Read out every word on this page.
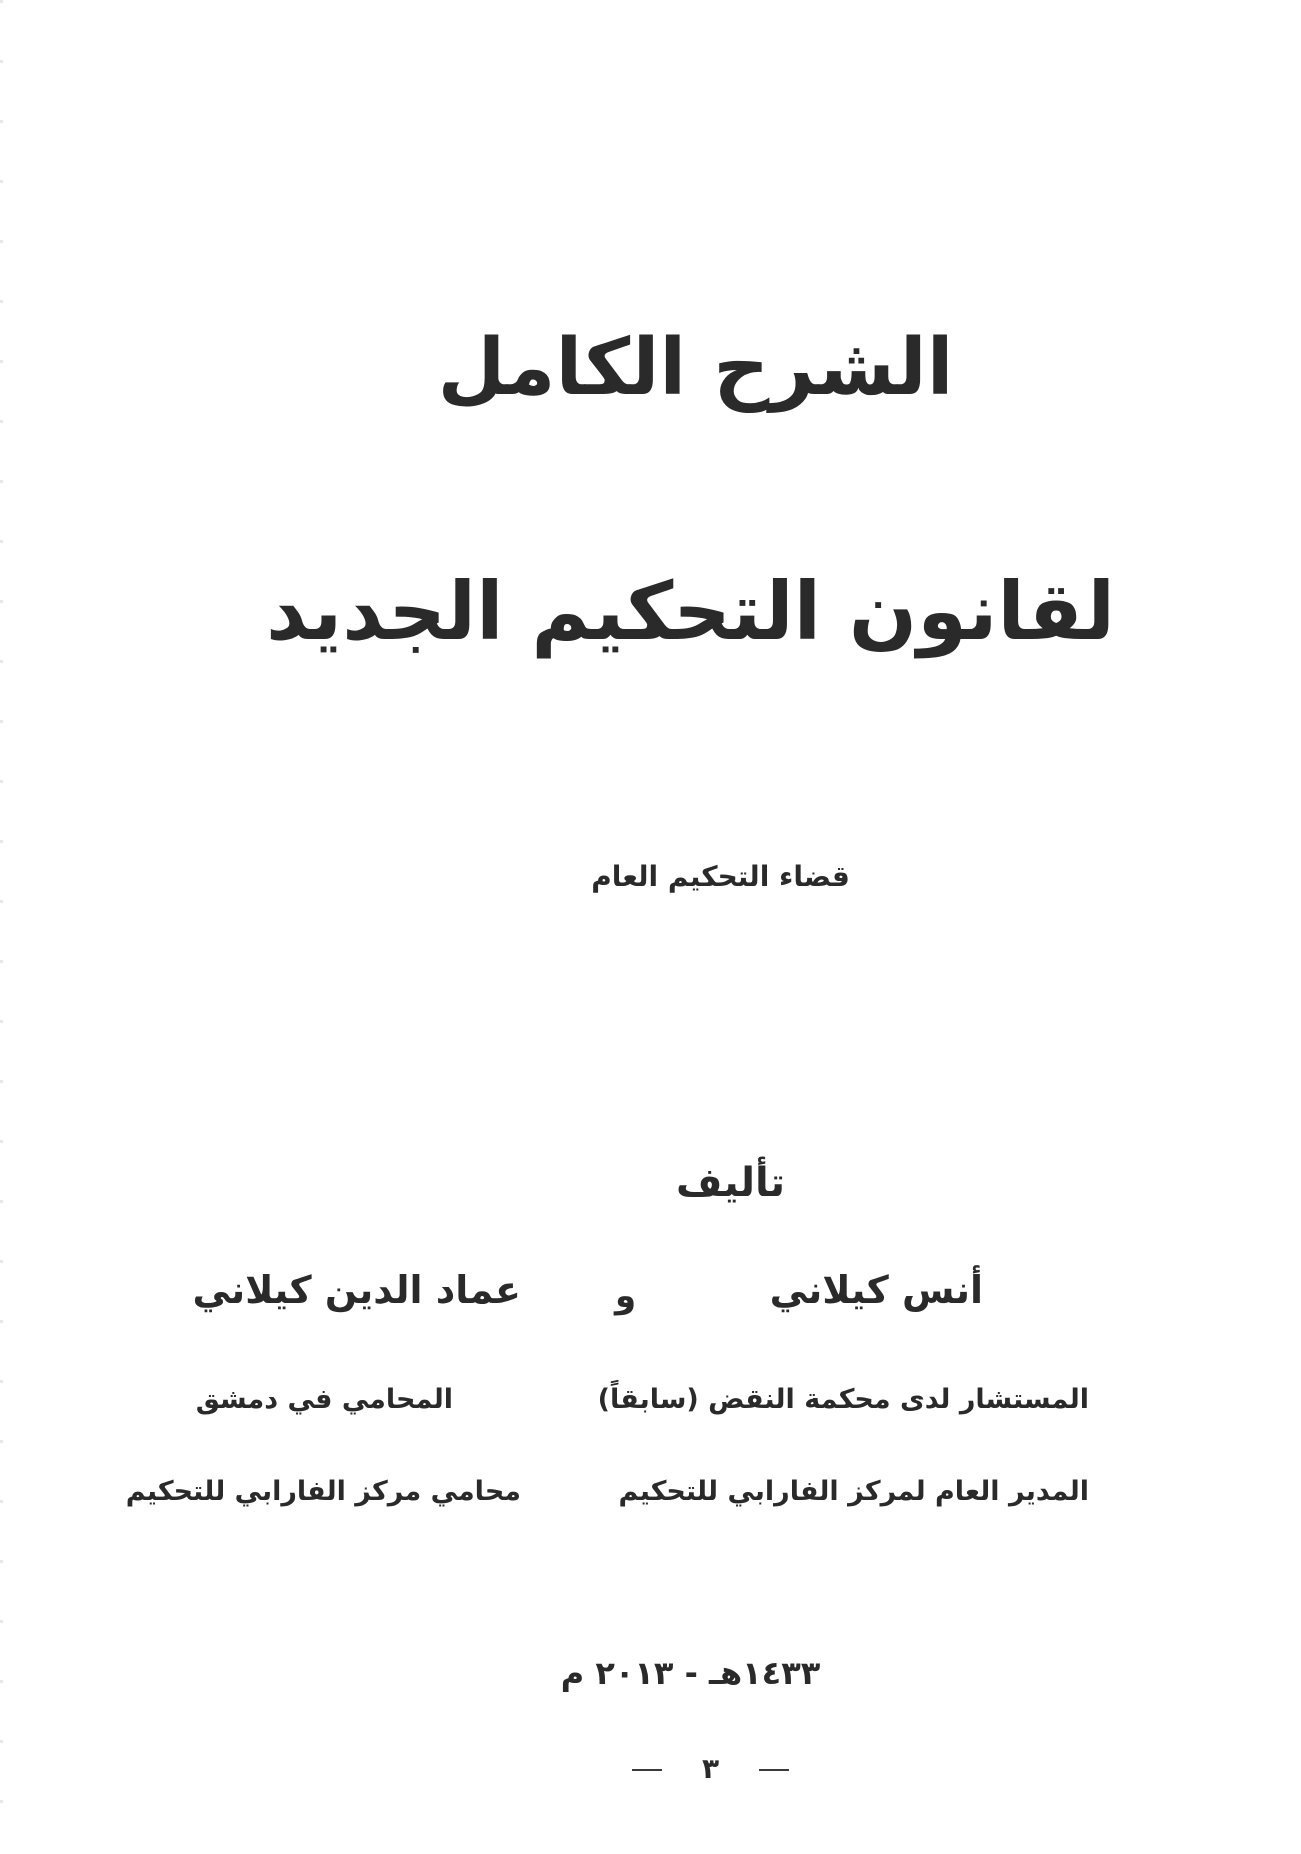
الشرح الكامل
لقانون التحكيم الجديد
قضاء التحكيم العام
تأليف
أنس كيلاني
و
عماد الدين كيلاني
المستشار لدى محكمة النقض (سابقاً)
المدير العام لمركز الفارابي للتحكيم
المحامي في دمشق
محامي مركز الفارابي للتحكيم
١٤٣٣هـ - ٢٠١٣ م
٣
